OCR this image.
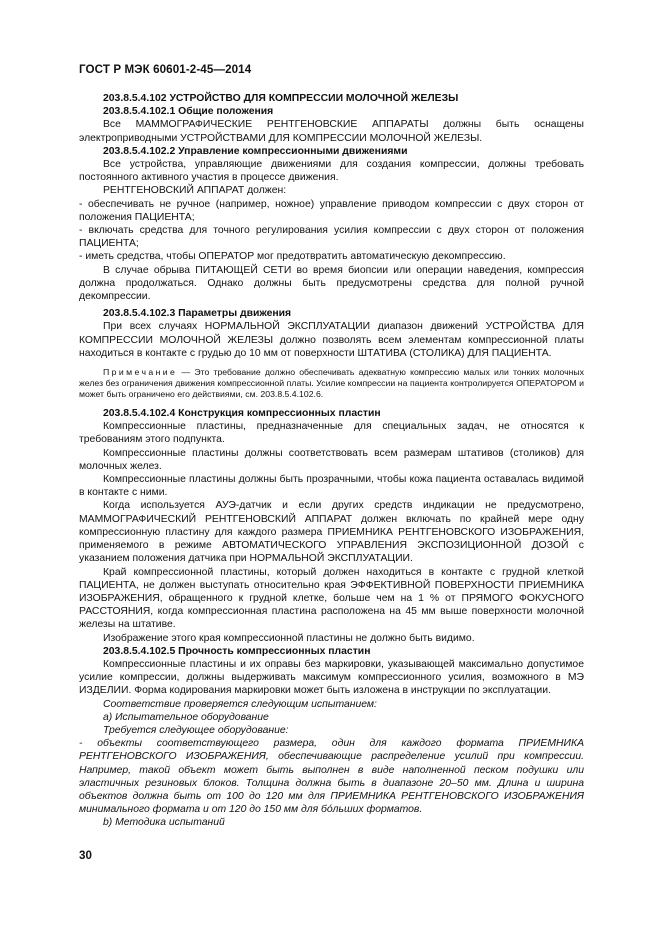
ГОСТ Р МЭК 60601-2-45—2014

203.8.5.4.102 УСТРОЙСТВО ДЛЯ КОМПРЕССИИ МОЛОЧНОЙ ЖЕЛЕЗЫ

203.8.5.4.102.1 Общие положения

Все МАММОГРАФИЧЕСКИЕ РЕНТГЕНОВСКИЕ АППАРАТЫ должны быть оснащены электроприводными УСТРОЙСТВАМИ ДЛЯ КОМПРЕССИИ МОЛОЧНОЙ ЖЕЛЕЗЫ.

203.8.5.4.102.2 Управление компрессионными движениями

Все устройства, управляющие движениями для создания компрессии, должны требовать постоянного активного участия в процессе движения.

РЕНТГЕНОВСКИЙ АППАРАТ должен:

- обеспечивать не ручное (например, ножное) управление приводом компрессии с двух сторон от положения ПАЦИЕНТА;

- включать средства для точного регулирования усилия компрессии с двух сторон от положения ПАЦИЕНТА;

- иметь средства, чтобы ОПЕРАТОР мог предотвратить автоматическую декомпрессию.

В случае обрыва ПИТАЮЩЕЙ СЕТИ во время биопсии или операции наведения, компрессия должна продолжаться. Однако должны быть предусмотрены средства для полной ручной декомпрессии.

203.8.5.4.102.3 Параметры движения

При всех случаях НОРМАЛЬНОЙ ЭКСПЛУАТАЦИИ диапазон движений УСТРОЙСТВА ДЛЯ КОМПРЕССИИ МОЛОЧНОЙ ЖЕЛЕЗЫ должно позволять всем элементам компрессионной платы находиться в контакте с грудью до 10 мм от поверхности ШТАТИВА (СТОЛИКА) ДЛЯ ПАЦИЕНТА.

Примечание — Это требование должно обеспечивать адекватную компрессию малых или тонких молочных желез без ограничения движения компрессионной платы. Усилие компрессии на пациента контролируется ОПЕРАТОРОМ и может быть ограничено его действиями, см. 203.8.5.4.102.6.

203.8.5.4.102.4 Конструкция компрессионных пластин

Компрессионные пластины, предназначенные для специальных задач, не относятся к требованиям этого подпункта.

Компрессионные пластины должны соответствовать всем размерам штативов (столиков) для молочных желез.

Компрессионные пластины должны быть прозрачными, чтобы кожа пациента оставалась видимой в контакте с ними.

Когда используется АУЭ-датчик и если других средств индикации не предусмотрено, МАММОГРАФИЧЕСКИЙ РЕНТГЕНОВСКИЙ АППАРАТ должен включать по крайней мере одну компрессионную пластину для каждого размера ПРИЕМНИКА РЕНТГЕНОВСКОГО ИЗОБРАЖЕНИЯ, применяемого в режиме АВТОМАТИЧЕСКОГО УПРАВЛЕНИЯ ЭКСПОЗИЦИОННОЙ ДОЗОЙ с указанием положения датчика при НОРМАЛЬНОЙ ЭКСПЛУАТАЦИИ.

Край компрессионной пластины, который должен находиться в контакте с грудной клеткой ПАЦИЕНТА, не должен выступать относительно края ЭФФЕКТИВНОЙ ПОВЕРХНОСТИ ПРИЕМНИКА ИЗОБРАЖЕНИЯ, обращенного к грудной клетке, больше чем на 1 % от ПРЯМОГО ФОКУСНОГО РАССТОЯНИЯ, когда компрессионная пластина расположена на 45 мм выше поверхности молочной железы на штативе.

Изображение этого края компрессионной пластины не должно быть видимо.

203.8.5.4.102.5 Прочность компрессионных пластин

Компрессионные пластины и их оправы без маркировки, указывающей максимально допустимое усилие компрессии, должны выдерживать максимум компрессионного усилия, возможного в МЭ ИЗДЕЛИИ. Форма кодирования маркировки может быть изложена в инструкции по эксплуатации.

Соответствие проверяется следующим испытанием:

а) Испытательное оборудование

Требуется следующее оборудование:

- объекты соответствующего размера, один для каждого формата ПРИЕМНИКА РЕНТГЕНОВСКОГО ИЗОБРАЖЕНИЯ, обеспечивающие распределение усилий при компрессии. Например, такой объект может быть выполнен в виде наполненной песком подушки или эластичных резиновых блоков. Толщина должна быть в диапазоне 20–50 мм. Длина и ширина объектов должна быть от 100 до 120 мм для ПРИЕМНИКА РЕНТГЕНОВСКОГО ИЗОБРАЖЕНИЯ минимального формата и от 120 до 150 мм для бóльших форматов.

b) Методика испытаний

30
